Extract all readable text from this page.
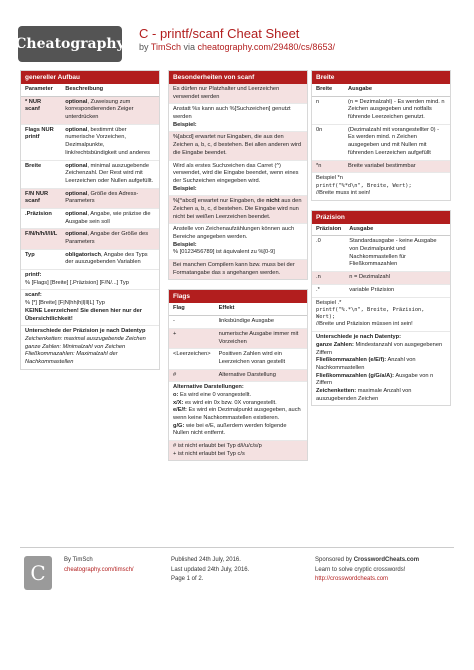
Cheatography
C - printf/scanf Cheat Sheet
by TimSch via cheatography.com/29480/cs/8653/
genereller Aufbau
Parameter	Beschreibung
* NUR scanf	optional, Zuweisung zum korrespondierenden Zeiger unterdrücken
Flags NUR printf	optional, bestimmt über numerische Vorzeichen, Dezimalpunkte, link/rechtsbündigkeit und anderes
Breite	optional, minimal auszugebende Zeichenzahl. Der Rest wird mit Leerzeichen oder Nullen aufgefüllt.
F/N NUR scanf	optional, Größe des Adress-Parameters
.Präzision	optional, Angabe, wie präzise die Ausgabe sein soll
F/N/h/h/l/ll/L	optional, Angabe der Größe des Parameters
Typ	obligatorisch, Angabe des Typs der auszugebenden Variablen
printf:
% [Flags] [Breite] [.Präzision] [F/N/...] Typ
scanf:
% [*] [Breite] [F|N|hh|h|l|ll|L] Typ
KEINE Leerzeichen! Sie dienen hier nur der Übersichtlichkeit!
Unterschiede der Präzision je nach Datentyp
Zeichenketten: maximal auszugebende Zeichen
ganze Zahlen: Minimalzahl von Zeichen
Fließkommazahlen: Maximalzahl der Nachkommastellen
Besonderheiten von scanf
Es dürfen nur Platzhalter und Leerzeichen verwendet werden
Anstatt %s kann auch %[Suchzeichen] genutzt werden
Beispiel:
%[abcd] erwartet nur Eingaben, die aus den Zeichen a, b, c, d bestehen. Bei allen anderen wird die Eingabe beendet.
Wird als erstes Suchzeichen das Carret (^) verwendet, wird die Eingabe beendet, wenn eines der Suchzeichen eingegeben wird.
Beispiel:
%[^abcd] erwartet nur Eingaben, die nicht aus den Zeichen a, b, c, d bestehen. Die Eingabe wird nun nicht bei weißen Leerzeichen beendet.
Anstelle von Zeichenaufzählungen können auch Bereiche angegeben werden.
Beispiel:
% [0123456789] ist äquivalent zu %[0-9]
Bei manchen Compilern kann bzw. muss bei der Formatangabe das s angehangen werden.
Flags
Flag	Effekt
-	linksbündige Ausgabe
+	numerische Ausgabe immer mit Vorzeichen
<Leerzeichen>	Positiven Zahlen wird ein Leerzeichen voran gestellt
#	Alternative Darstellung
Alternative Darstellungen:
o: Es wird eine 0 vorangestellt.
x/X: es wird ein 0x bzw. 0X vorangestellt.
e/E/f: Es wird ein Dezimalpunkt ausgegeben, auch wenn keine Nachkommastellen existieren.
g/G: wie bei e/E, außerdem werden folgende Nullen nicht entfernt.
# ist nicht erlaubt bei Typ d/i/u/c/s/p
+ ist nicht erlaubt bei Typ c/s
Breite
Breite	Ausgabe
n	(n = Dezimalzahl) - Es werden mind. n Zeichen ausgegeben und notfalls führende Leerzeichen genutzt.
0n	(Dezimalzahl mit vorangestellter 0) - Es werden mind. n Zeichen ausgegeben und mit Nullen mit führenden Leerzeichen aufgefüllt
*n	Breite variabel bestimmbar
Beispiel *n
printf("%*d\n", Breite, Wert);
//Breite muss int sein!
Präzision
Präzision	Ausgabe
.0	Standardausgabe - keine Ausgabe von Dezimalpunkt und Nachkommastellen für Fließkommazahlen
.n	n = Dezimalzahl
.*	variable Präzision
Beispiel .*
printf("%.*\n", Breite, Präzision, Wert);
//Breite und Präzision müssen int sein!
Unterschiede je nach Datentyp:
ganze Zahlen: Mindestanzahl von ausgegebenen Ziffern
Fließkommazahlen (e/E/f): Anzahl von Nachkommastellen
Fließkommazahlen (g/G/a/A): Ausgabe von n Ziffern
Zeichenketten: maximale Anzahl von auszugebenden Zeichen
C
By TimSch
cheatography.com/timsch/
Published 24th July, 2016.
Last updated 24th July, 2016.
Page 1 of 2.
Sponsored by CrosswordCheats.com
Learn to solve cryptic crosswords!
http://crosswordcheats.com
